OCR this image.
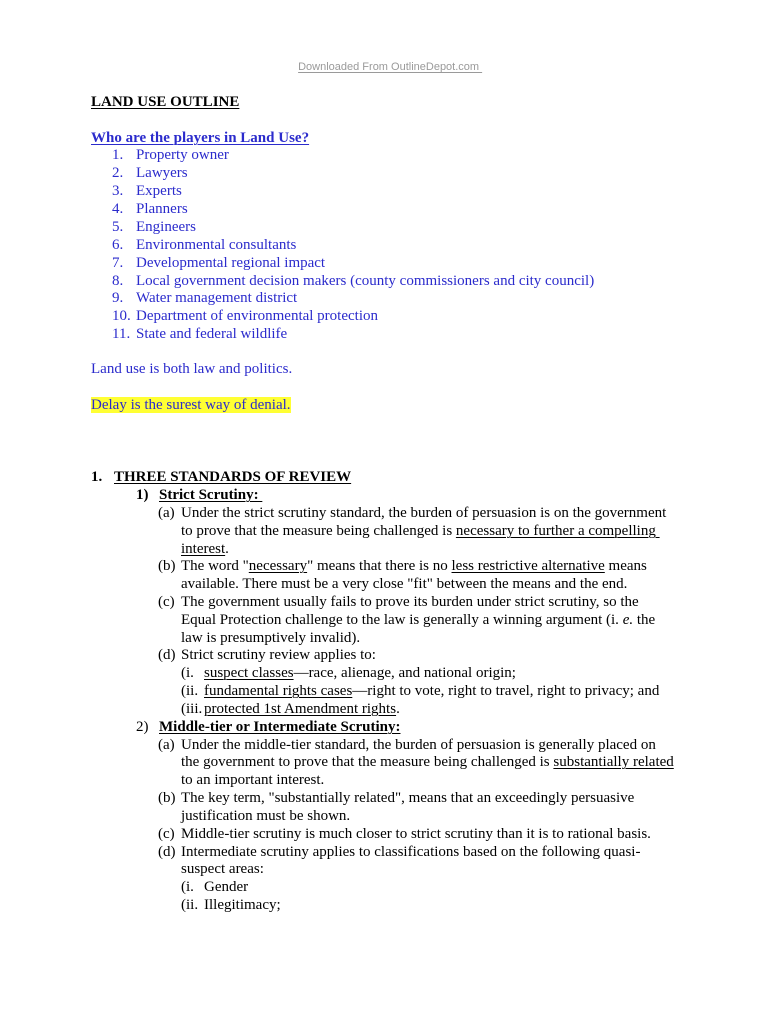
Downloaded From OutlineDepot.com

LAND USE OUTLINE
Who are the players in Land Use?
1. Property owner
2. Lawyers
3. Experts
4. Planners
5. Engineers
6. Environmental consultants
7. Developmental regional impact
8. Local government decision makers (county commissioners and city council)
9. Water management district
10. Department of environmental protection
11. State and federal wildlife
Land use is both law and politics.
Delay is the surest way of denial.
1. THREE STANDARDS OF REVIEW
1) Strict Scrutiny:
(a) Under the strict scrutiny standard, the burden of persuasion is on the government
to prove that the measure being challenged is necessary to further a compelling
interest.
(b) The word "necessary" means that there is no less restrictive alternative means
available. There must be a very close "fit" between the means and the end.
(c) The government usually fails to prove its burden under strict scrutiny, so the
Equal Protection challenge to the law is generally a winning argument (i. e. the
law is presumptively invalid).
(d) Strict scrutiny review applies to:
(i. suspect classes—race, alienage, and national origin;
(ii. fundamental rights cases—right to vote, right to travel, right to privacy; and
(iii. protected 1st Amendment rights.
2) Middle-tier or Intermediate Scrutiny:
(a) Under the middle-tier standard, the burden of persuasion is generally placed on
the government to prove that the measure being challenged is substantially related
to an important interest.
(b) The key term, "substantially related", means that an exceedingly persuasive
justification must be shown.
(c) Middle-tier scrutiny is much closer to strict scrutiny than it is to rational basis.
(d) Intermediate scrutiny applies to classifications based on the following quasi-
suspect areas:
(i. Gender
(ii. Illegitimacy;
